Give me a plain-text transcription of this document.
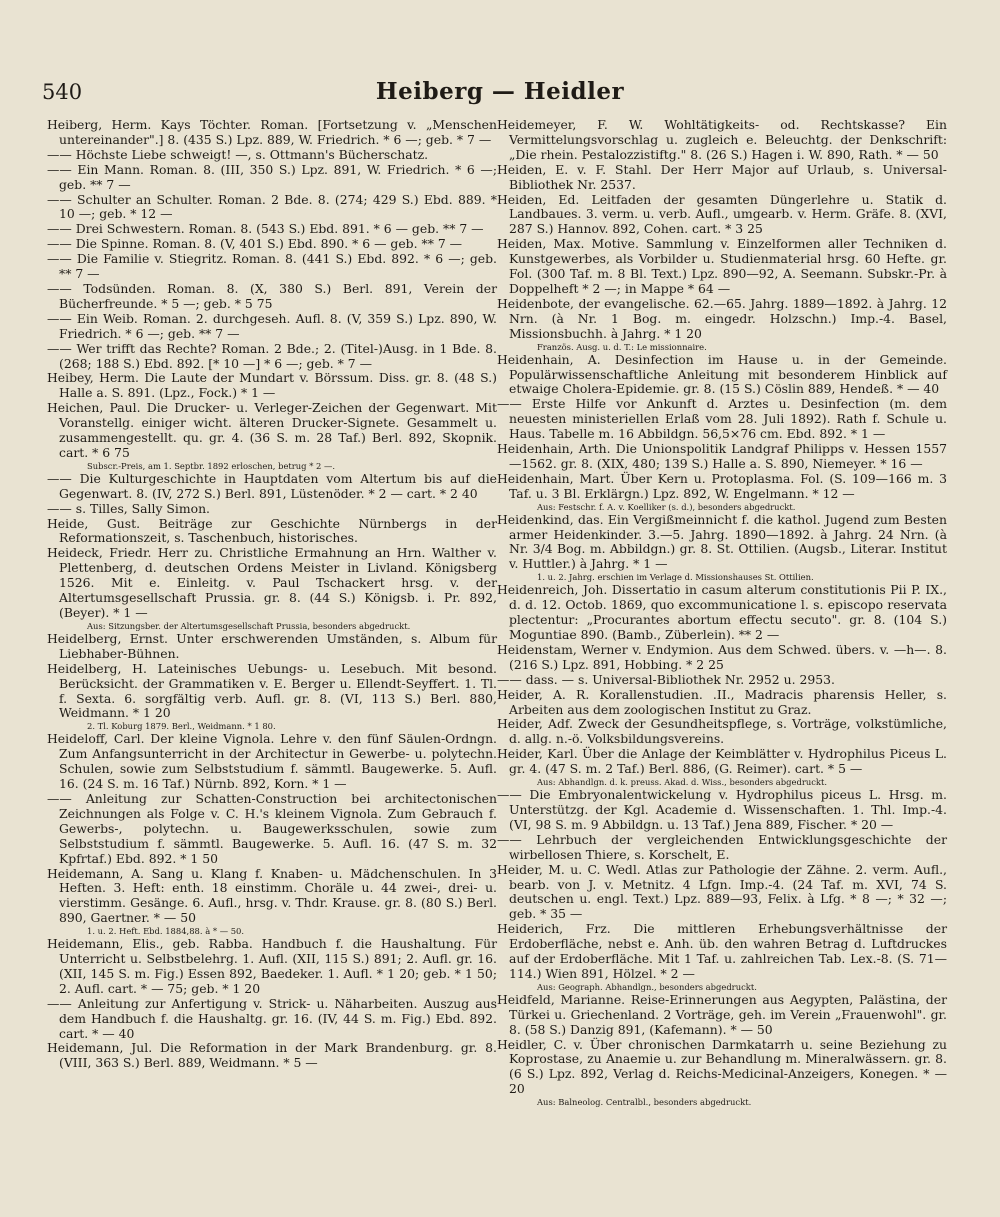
540	Heiberg — Heidler

Heiberg, Herm. Kays Töchter. Roman. [Fortsetzung v. „Menschen untereinander".] 8. (435 S.) Lpz. 889, W. Friedrich. * 6 —; geb. * 7 —

—— Höchste Liebe schweigt! —, s. Ottmann's Bücherschatz.

—— Ein Mann. Roman. 8. (III, 350 S.) Lpz. 891, W. Friedrich. * 6 —; geb. ** 7 —

—— Schulter an Schulter. Roman. 2 Bde. 8. (274; 429 S.) Ebd. 889. * 10 —; geb. * 12 —

—— Drei Schwestern. Roman. 8. (543 S.) Ebd. 891. * 6 — geb. ** 7 —

—— Die Spinne. Roman. 8. (V, 401 S.) Ebd. 890. * 6 — geb. ** 7 —

—— Die Familie v. Stiegritz. Roman. 8. (441 S.) Ebd. 892. * 6 —; geb. ** 7 —

—— Todsünden. Roman. 8. (X, 380 S.) Berl. 891, Verein der Bücherfreunde. * 5 —; geb. * 5 75

—— Ein Weib. Roman. 2. durchgeseh. Aufl. 8. (V, 359 S.) Lpz. 890, W. Friedrich. * 6 —; geb. ** 7 —

—— Wer trifft das Rechte? Roman. 2 Bde.; 2. (Titel-)Ausg. in 1 Bde. 8. (268; 188 S.) Ebd. 892. [* 10 —] * 6 —; geb. * 7 —

Heibey, Herm. Die Laute der Mundart v. Börssum. Diss. gr. 8. (48 S.) Halle a. S. 891. (Lpz., Fock.) * 1 —

Heichen, Paul. Die Drucker- u. Verleger-Zeichen der Gegenwart. Mit Voranstellg. einiger wicht. älteren Drucker-Signete. Gesammelt u. zusammengestellt. qu. gr. 4. (36 S. m. 28 Taf.) Berl. 892, Skopnik. cart. * 6 75

Subscr.-Preis, am 1. Septbr. 1892 erloschen, betrug * 2 —.

—— Die Kulturgeschichte in Hauptdaten vom Altertum bis auf die Gegenwart. 8. (IV, 272 S.) Berl. 891, Lüstenöder. * 2 — cart. * 2 40

—— s. Tilles, Sally Simon.

Heide, Gust. Beiträge zur Geschichte Nürnbergs in der Reformationszeit, s. Taschenbuch, historisches.

Heideck, Friedr. Herr zu. Christliche Ermahnung an Hrn. Walther v. Plettenberg, d. deutschen Ordens Meister in Livland. Königsberg 1526. Mit e. Einleitg. v. Paul Tschackert hrsg. v. der Altertumsgesellschaft Prussia. gr. 8. (44 S.) Königsb. i. Pr. 892, (Beyer). * 1 —

Aus: Sitzungsber. der Altertumsgesellschaft Prussia, besonders abgedruckt.

Heidelberg, Ernst. Unter erschwerenden Umständen, s. Album für Liebhaber-Bühnen.

Heidelberg, H. Lateinisches Uebungs- u. Lesebuch. Mit besond. Berücksicht. der Grammatiken v. E. Berger u. Ellendt-Seyffert. 1. Tl. f. Sexta. 6. sorgfältig verb. Aufl. gr. 8. (VI, 113 S.) Berl. 880, Weidmann. * 1 20

2. Tl. Koburg 1879. Berl., Weidmann. * 1 80.

Heideloff, Carl. Der kleine Vignola. Lehre v. den fünf Säulen-Ordngn. Zum Anfangsunterricht in der Architectur in Gewerbe- u. polytechn. Schulen, sowie zum Selbststudium f. sämmtl. Baugewerke. 5. Aufl. 16. (24 S. m. 16 Taf.) Nürnb. 892, Korn. * 1 —

—— Anleitung zur Schatten-Construction bei architectonischen Zeichnungen als Folge v. C. H.'s kleinem Vignola. Zum Gebrauch f. Gewerbs-, polytechn. u. Baugewerksschulen, sowie zum Selbststudium f. sämmtl. Baugewerke. 5. Aufl. 16. (47 S. m. 32 Kpfrtaf.) Ebd. 892. * 1 50

Heidemann, A. Sang u. Klang f. Knaben- u. Mädchenschulen. In 3 Heften. 3. Heft: enth. 18 einstimm. Choräle u. 44 zwei-, drei- u. vierstimm. Gesänge. 6. Aufl., hrsg. v. Thdr. Krause. gr. 8. (80 S.) Berl. 890, Gaertner. * — 50

1. u. 2. Heft. Ebd. 1884,88. à * — 50.

Heidemann, Elis., geb. Rabba. Handbuch f. die Haushaltung. Für Unterricht u. Selbstbelehrg. 1. Aufl. (XII, 115 S.) 891; 2. Aufl. gr. 16. (XII, 145 S. m. Fig.) Essen 892, Baedeker. 1. Aufl. * 1 20; geb. * 1 50; 2. Aufl. cart. * — 75; geb. * 1 20

—— Anleitung zur Anfertigung v. Strick- u. Näharbeiten. Auszug aus dem Handbuch f. die Haushaltg. gr. 16. (IV, 44 S. m. Fig.) Ebd. 892. cart. * — 40

Heidemann, Jul. Die Reformation in der Mark Brandenburg. gr. 8. (VIII, 363 S.) Berl. 889, Weidmann. * 5 —

Heidemeyer, F. W. Wohltätigkeits- od. Rechtskasse? Ein Vermittelungsvorschlag u. zugleich e. Beleuchtg. der Denkschrift: „Die rhein. Pestalozzistiftg." 8. (26 S.) Hagen i. W. 890, Rath. * — 50

Heiden, E. v. F. Stahl. Der Herr Major auf Urlaub, s. Universal-Bibliothek Nr. 2537.

Heiden, Ed. Leitfaden der gesamten Düngerlehre u. Statik d. Landbaues. 3. verm. u. verb. Aufl., umgearb. v. Herm. Gräfe. 8. (XVI, 287 S.) Hannov. 892, Cohen. cart. * 3 25

Heiden, Max. Motive. Sammlung v. Einzelformen aller Techniken d. Kunstgewerbes, als Vorbilder u. Studienmaterial hrsg. 60 Hefte. gr. Fol. (300 Taf. m. 8 Bl. Text.) Lpz. 890—92, A. Seemann. Subskr.-Pr. à Doppelheft * 2 —; in Mappe * 64 —

Heidenbote, der evangelische. 62.—65. Jahrg. 1889—1892. à Jahrg. 12 Nrn. (à Nr. 1 Bog. m. eingedr. Holzschn.) Imp.-4. Basel, Missionsbuchh. à Jahrg. * 1 20

Französ. Ausg. u. d. T.: Le missionnaire.

Heidenhain, A. Desinfection im Hause u. in der Gemeinde. Populärwissenschaftliche Anleitung mit besonderem Hinblick auf etwaige Cholera-Epidemie. gr. 8. (15 S.) Cöslin 889, Hendeß. * — 40

—— Erste Hilfe vor Ankunft d. Arztes u. Desinfection (m. dem neuesten ministeriellen Erlaß vom 28. Juli 1892). Rath f. Schule u. Haus. Tabelle m. 16 Abbildgn. 56,5×76 cm. Ebd. 892. * 1 —

Heidenhain, Arth. Die Unionspolitik Landgraf Philipps v. Hessen 1557—1562. gr. 8. (XIX, 480; 139 S.) Halle a. S. 890, Niemeyer. * 16 —

Heidenhain, Mart. Über Kern u. Protoplasma. Fol. (S. 109—166 m. 3 Taf. u. 3 Bl. Erklärgn.) Lpz. 892, W. Engelmann. * 12 —

Aus: Festschr. f. A. v. Koelliker (s. d.), besonders abgedruckt.

Heidenkind, das. Ein Vergißmeinnicht f. die kathol. Jugend zum Besten armer Heidenkinder. 3.—5. Jahrg. 1890—1892. à Jahrg. 24 Nrn. (à Nr. 3/4 Bog. m. Abbildgn.) gr. 8. St. Ottilien. (Augsb., Literar. Institut v. Huttler.) à Jahrg. * 1 —

1. u. 2. Jahrg. erschien im Verlage d. Missionshauses St. Ottilien.

Heidenreich, Joh. Dissertatio in casum alterum constitutionis Pii P. IX., d. d. 12. Octob. 1869, quo excommunicatione l. s. episcopo reservata plectentur: „Procurantes abortum effectu secuto". gr. 8. (104 S.) Moguntiae 890. (Bamb., Züberlein). ** 2 —

Heidenstam, Werner v. Endymion. Aus dem Schwed. übers. v. —h—. 8. (216 S.) Lpz. 891, Hobbing. * 2 25

—— dass. — s. Universal-Bibliothek Nr. 2952 u. 2953.

Heider, A. R. Korallenstudien. .II., Madracis pharensis Heller, s. Arbeiten aus dem zoologischen Institut zu Graz.

Heider, Adf. Zweck der Gesundheitspflege, s. Vorträge, volkstümliche, d. allg. n.-ö. Volksbildungsvereins.

Heider, Karl. Über die Anlage der Keimblätter v. Hydrophilus Piceus L. gr. 4. (47 S. m. 2 Taf.) Berl. 886, (G. Reimer). cart. * 5 —

Aus: Abhandlgn. d. k. preuss. Akad. d. Wiss., besonders abgedruckt.

—— Die Embryonalentwickelung v. Hydrophilus piceus L. Hrsg. m. Unterstützg. der Kgl. Academie d. Wissenschaften. 1. Thl. Imp.-4. (VI, 98 S. m. 9 Abbildgn. u. 13 Taf.) Jena 889, Fischer. * 20 —

—— Lehrbuch der vergleichenden Entwicklungsgeschichte der wirbellosen Thiere, s. Korschelt, E.

Heider, M. u. C. Wedl. Atlas zur Pathologie der Zähne. 2. verm. Aufl., bearb. von J. v. Metnitz. 4 Lfgn. Imp.-4. (24 Taf. m. XVI, 74 S. deutschen u. engl. Text.) Lpz. 889—93, Felix. à Lfg. * 8 —; * 32 —; geb. * 35 —

Heiderich, Frz. Die mittleren Erhebungsverhältnisse der Erdoberfläche, nebst e. Anh. üb. den wahren Betrag d. Luftdruckes auf der Erdoberfläche. Mit 1 Taf. u. zahlreichen Tab. Lex.-8. (S. 71—114.) Wien 891, Hölzel. * 2 —

Aus: Geograph. Abhandlgn., besonders abgedruckt.

Heidfeld, Marianne. Reise-Erinnerungen aus Aegypten, Palästina, der Türkei u. Griechenland. 2 Vorträge, geh. im Verein „Frauenwohl". gr. 8. (58 S.) Danzig 891, (Kafemann). * — 50

Heidler, C. v. Über chronischen Darmkatarrh u. seine Beziehung zu Koprostase, zu Anaemie u. zur Behandlung m. Mineralwässern. gr. 8. (6 S.) Lpz. 892, Verlag d. Reichs-Medicinal-Anzeigers, Konegen. * — 20

Aus: Balneolog. Centralbl., besonders abgedruckt.
